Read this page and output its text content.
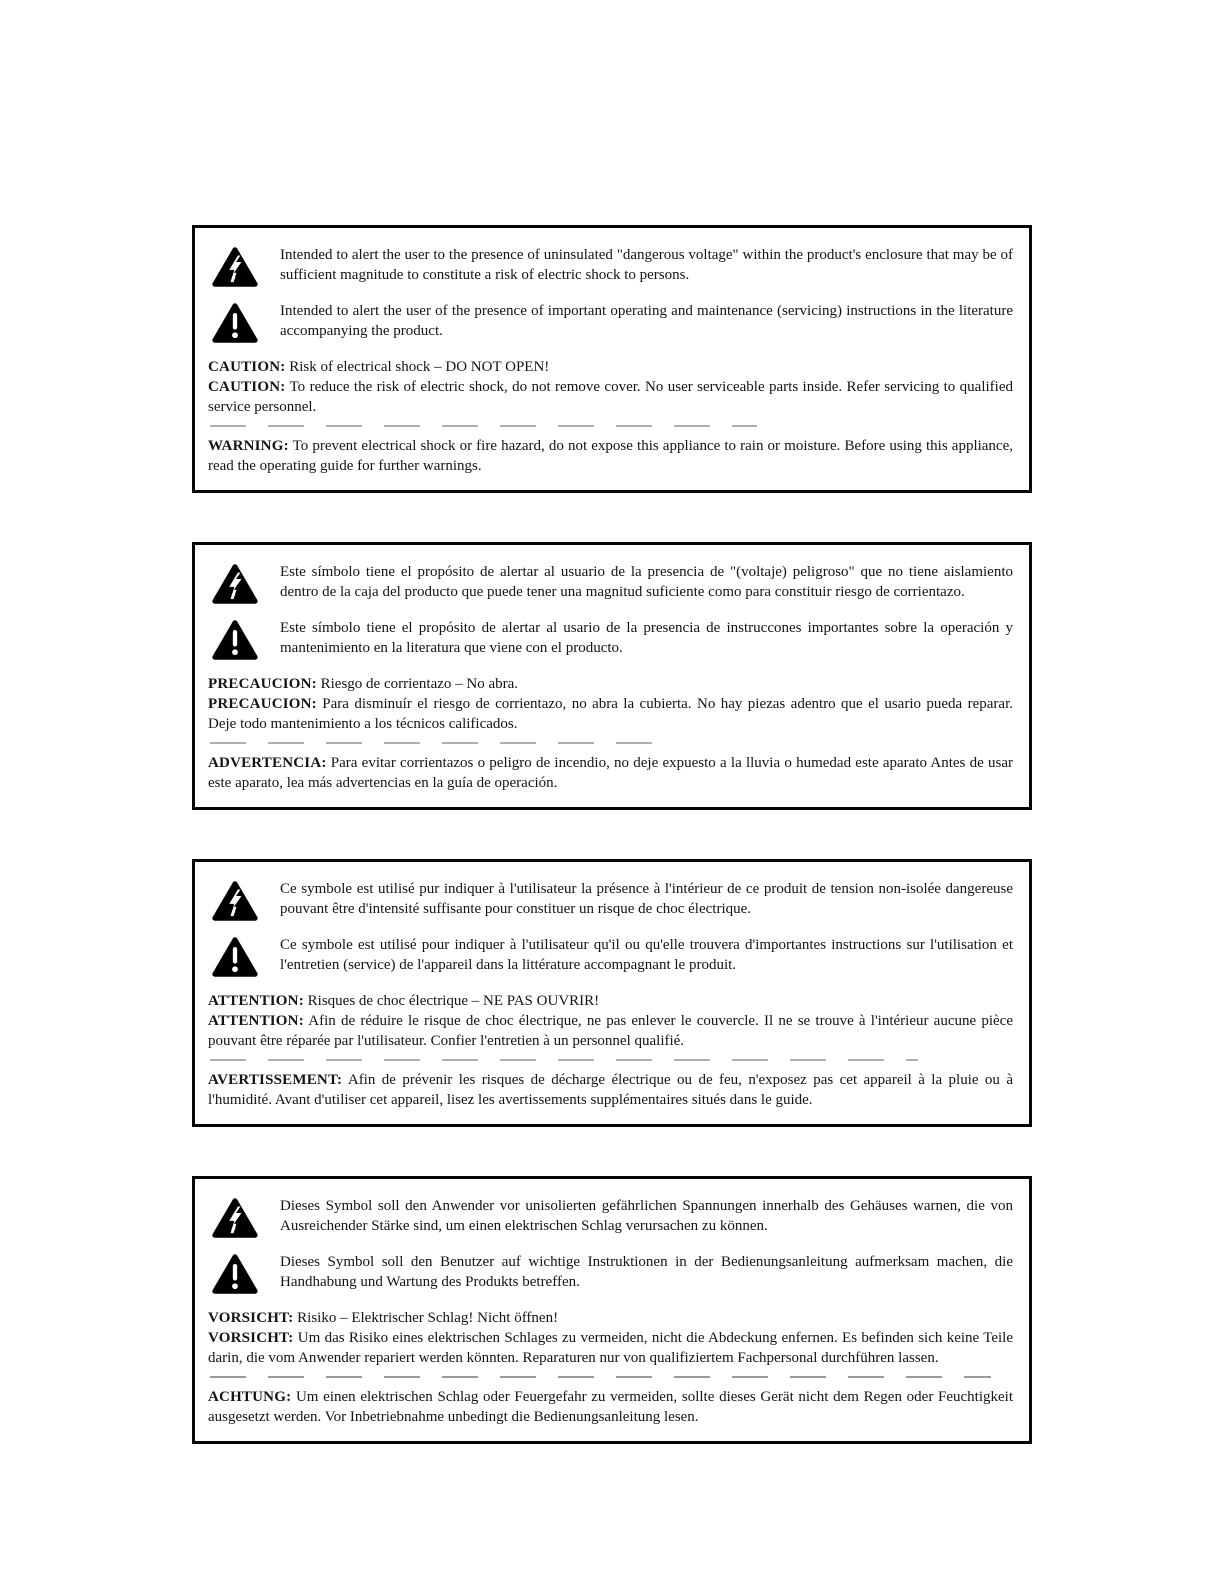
Intended to alert the user to the presence of uninsulated "dangerous voltage" within the product's enclosure that may be of sufficient magnitude to constitute a risk of electric shock to persons.

Intended to alert the user of the presence of important operating and maintenance (servicing) instructions in the literature accompanying the product.

CAUTION: Risk of electrical shock – DO NOT OPEN!

CAUTION: To reduce the risk of electric shock, do not remove cover. No user serviceable parts inside. Refer servicing to qualified service personnel.

WARNING: To prevent electrical shock or fire hazard, do not expose this appliance to rain or moisture. Before using this appliance, read the operating guide for further warnings.

Este símbolo tiene el propósito de alertar al usuario de la presencia de "(voltaje) peligroso" que no tiene aislamiento dentro de la caja del producto que puede tener una magnitud suficiente como para constituir riesgo de corrientazo.

Este símbolo tiene el propósito de alertar al usario de la presencia de instruccones importantes sobre la operación y mantenimiento en la literatura que viene con el producto.

PRECAUCION: Riesgo de corrientazo – No abra.

PRECAUCION: Para disminuír el riesgo de corrientazo, no abra la cubierta. No hay piezas adentro que el usario pueda reparar. Deje todo mantenimiento a los técnicos calificados.

ADVERTENCIA: Para evitar corrientazos o peligro de incendio, no deje expuesto a la lluvia o humedad este aparato Antes de usar este aparato, lea más advertencias en la guía de operación.

Ce symbole est utilisé pur indiquer à l'utilisateur la présence à l'intérieur de ce produit de tension non-isolée dangereuse pouvant être d'intensité suffisante pour constituer un risque de choc électrique.

Ce symbole est utilisé pour indiquer à l'utilisateur qu'il ou qu'elle trouvera d'importantes instructions sur l'utilisation et l'entretien (service) de l'appareil dans la littérature accompagnant le produit.

ATTENTION: Risques de choc électrique – NE PAS OUVRIR!

ATTENTION: Afin de réduire le risque de choc électrique, ne pas enlever le couvercle. Il ne se trouve à l'intérieur aucune pièce pouvant être réparée par l'utilisateur. Confier l'entretien à un personnel qualifié.

AVERTISSEMENT: Afin de prévenir les risques de décharge électrique ou de feu, n'exposez pas cet appareil à la pluie ou à l'humidité. Avant d'utiliser cet appareil, lisez les avertissements supplémentaires situés dans le guide.

Dieses Symbol soll den Anwender vor unisolierten gefährlichen Spannungen innerhalb des Gehäuses warnen, die von Ausreichender Stärke sind, um einen elektrischen Schlag verursachen zu können.

Dieses Symbol soll den Benutzer auf wichtige Instruktionen in der Bedienungsanleitung aufmerksam machen, die Handhabung und Wartung des Produkts betreffen.

VORSICHT: Risiko – Elektrischer Schlag! Nicht öffnen!

VORSICHT: Um das Risiko eines elektrischen Schlages zu vermeiden, nicht die Abdeckung enfernen. Es befinden sich keine Teile darin, die vom Anwender repariert werden könnten. Reparaturen nur von qualifiziertem Fachpersonal durchführen lassen.

ACHTUNG: Um einen elektrischen Schlag oder Feuergefahr zu vermeiden, sollte dieses Gerät nicht dem Regen oder Feuchtigkeit ausgesetzt werden. Vor Inbetriebnahme unbedingt die Bedienungsanleitung lesen.
